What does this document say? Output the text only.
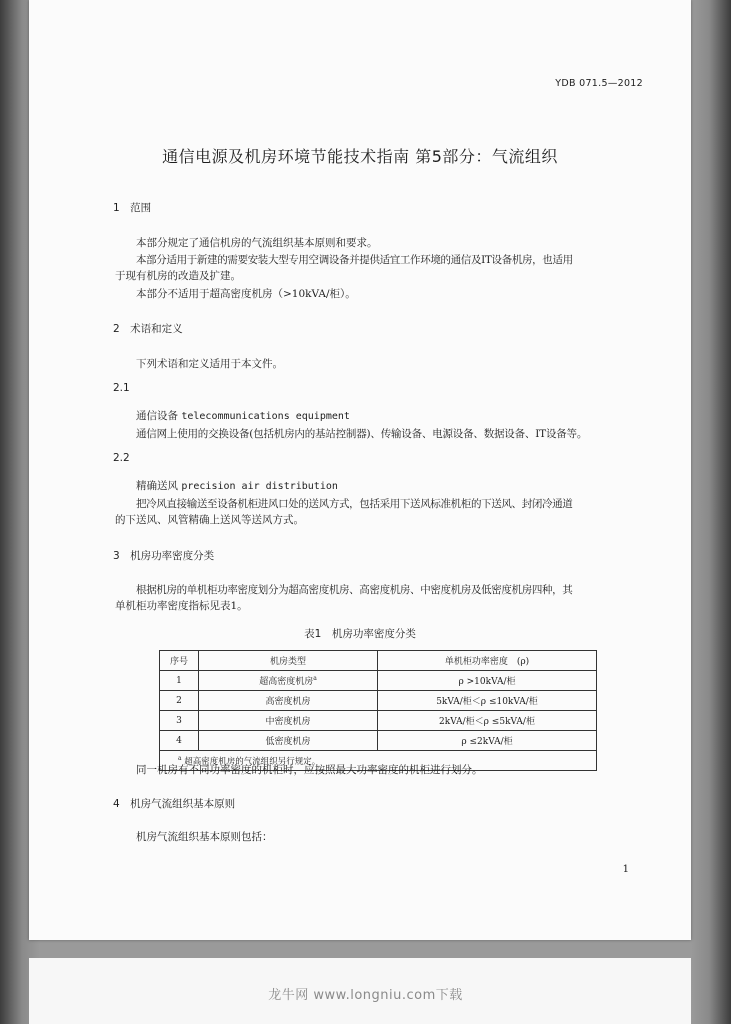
YDB 071.5—2012
通信电源及机房环境节能技术指南 第5部分：气流组织
1　范围
本部分规定了通信机房的气流组织基本原则和要求。
本部分适用于新建的需要安装大型专用空调设备并提供适宜工作环境的通信及IT设备机房，也适用
于现有机房的改造及扩建。
本部分不适用于超高密度机房（>10kVA/柜）。
2　术语和定义
下列术语和定义适用于本文件。
2.1
通信设备 telecommunications equipment
通信网上使用的交换设备(包括机房内的基站控制器)、传输设备、电源设备、数据设备、IT设备等。
2.2
精确送风 precision air distribution
把冷风直接输送至设备机柜进风口处的送风方式，包括采用下送风标准机柜的下送风、封闭冷通道
的下送风、风管精确上送风等送风方式。
3　机房功率密度分类
根据机房的单机柜功率密度划分为超高密度机房、高密度机房、中密度机房及低密度机房四种，其
单机柜功率密度指标见表1。
表1　机房功率密度分类
序号	机房类型	单机柜功率密度　(ρ)
1	超高密度机房$^a$	ρ >10kVA/柜
2	高密度机房	5kVA/柜＜ρ ≤10kVA/柜
3	中密度机房	2kVA/柜＜ρ ≤5kVA/柜
4	低密度机房	ρ ≤2kVA/柜
$^a$ 超高密度机房的气流组织另行规定。		
同一机房有不同功率密度的机柜时，应按照最大功率密度的机柜进行划分。
4　机房气流组织基本原则
机房气流组织基本原则包括：
1
龙牛网 www.longniu.com下载
